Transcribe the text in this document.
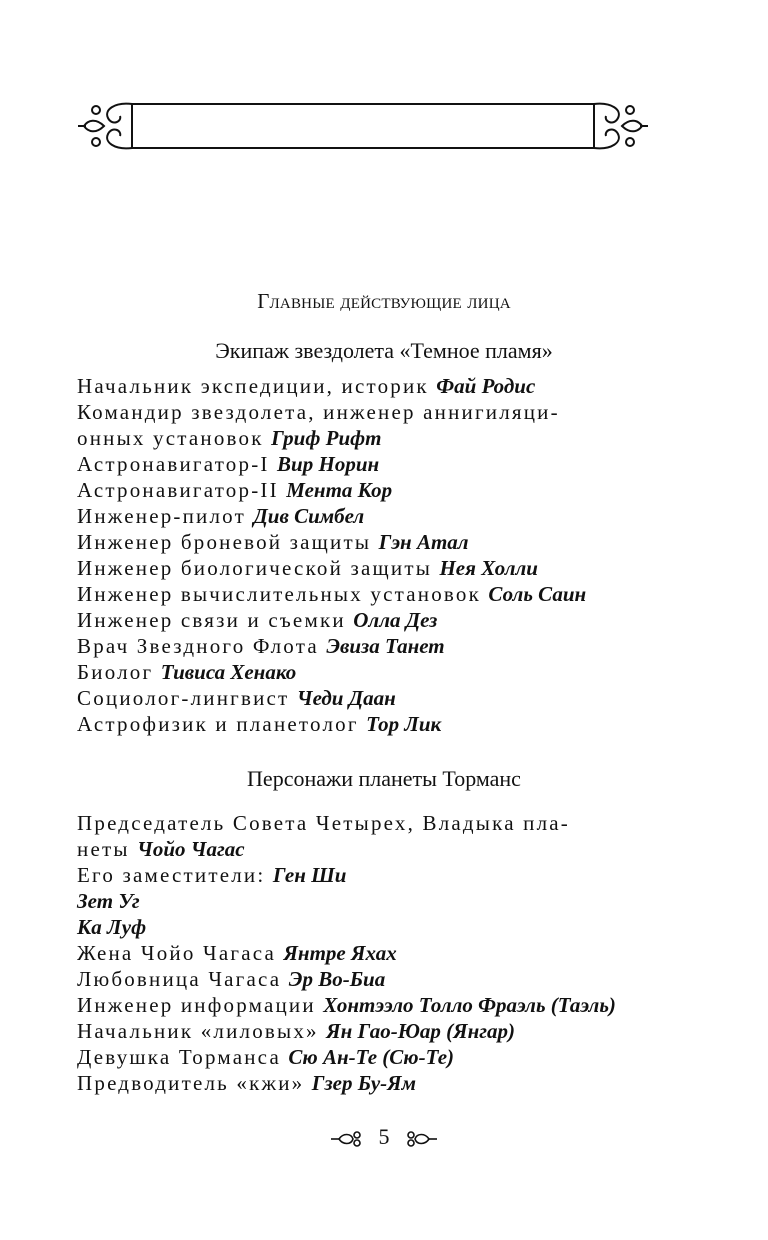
Главные действующие лица
Экипаж звездолета «Темное пламя»
Начальник экспедиции, историк Фай Родис
Командир звездолета, инженер аннигиляци-
онных установок Гриф Рифт
Астронавигатор-I Вир Норин
Астронавигатор-II Мента Кор
Инженер-пилот Див Симбел
Инженер броневой защиты Гэн Атал
Инженер биологической защиты Нея Холли
Инженер вычислительных установок Соль Саин
Инженер связи и съемки Олла Дез
Врач Звездного Флота Эвиза Танет
Биолог Тивиса Хенако
Социолог-лингвист Чеди Даан
Астрофизик и планетолог Тор Лик
Персонажи планеты Торманс
Председатель Совета Четырех, Владыка пла-
неты Чойо Чагас
Его заместители: Ген Ши
Зет Уг
Ка Луф
Жена Чойо Чагаса Янтре Яхах
Любовница Чагаса Эр Во-Биа
Инженер информации Хонтээло Толло Фраэль (Таэль)
Начальник «лиловых» Ян Гао-Юар (Янгар)
Девушка Торманса Сю Ан-Те (Сю-Те)
Предводитель «кжи» Гзер Бу-Ям
5
